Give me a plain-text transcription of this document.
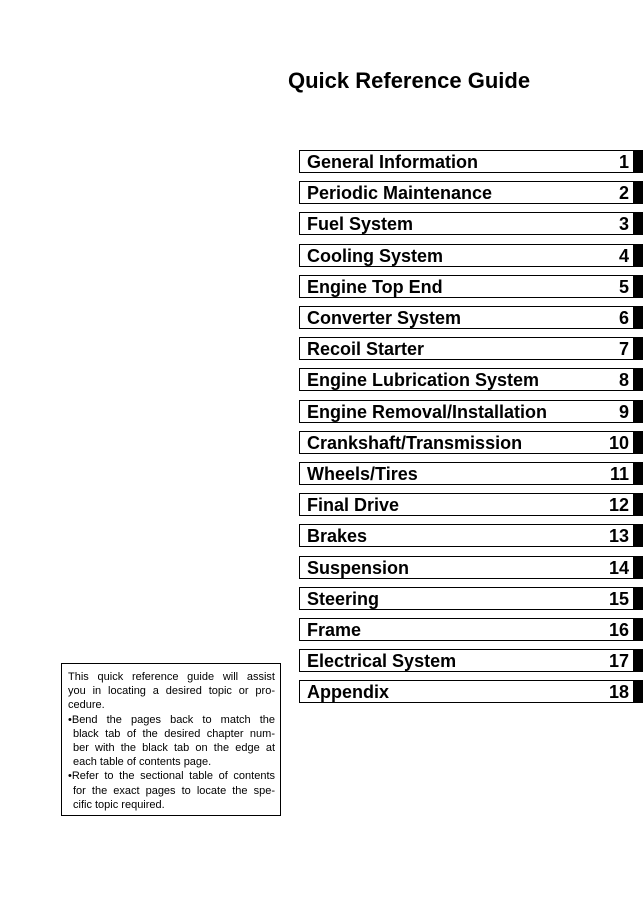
Quick Reference Guide
General Information	1
Periodic Maintenance	2
Fuel System	3
Cooling System	4
Engine Top End	5
Converter System	6
Recoil Starter	7
Engine Lubrication System	8
Engine Removal/Installation	9
Crankshaft/Transmission	10
Wheels/Tires	11
Final Drive	12
Brakes	13
Suspension	14
Steering	15
Frame	16
Electrical System	17
Appendix	18
This quick reference guide will assist
you in locating a desired topic or pro-
cedure.
•Bend the pages back to match the
black tab of the desired chapter num-
ber with the black tab on the edge at
each table of contents page.
•Refer to the sectional table of contents
for the exact pages to locate the spe-
cific topic required.
